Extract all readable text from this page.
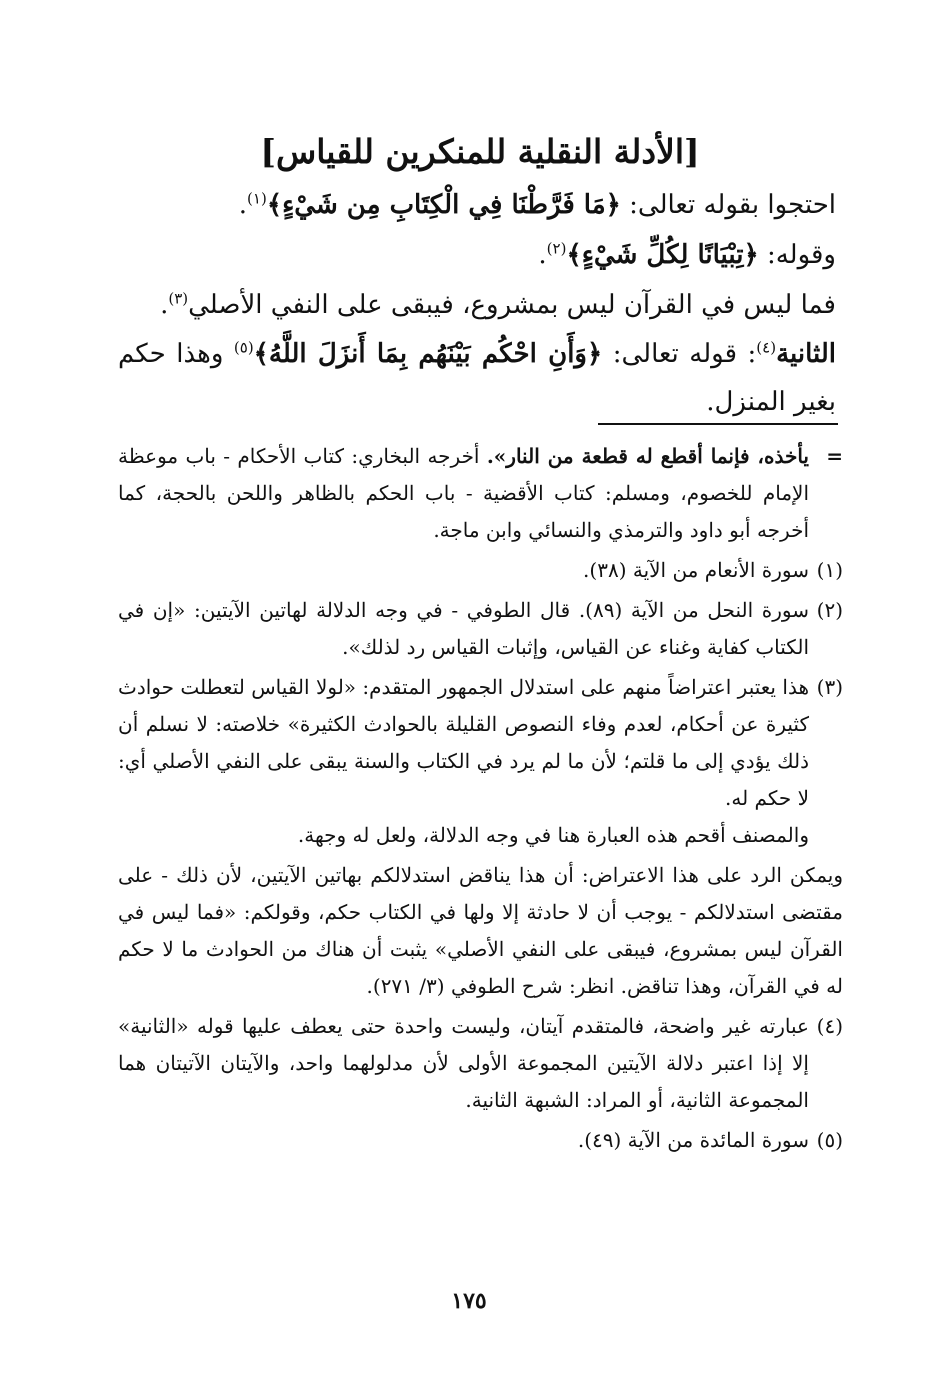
[الأدلة النقلية للمنكرين للقياس]
احتجوا بقوله تعالى: ﴿مَا فَرَّطْنَا فِي الْكِتَابِ مِن شَيْءٍ﴾$^{(١)}$.
وقوله: ﴿تِبْيَانًا لِكُلِّ شَيْءٍ﴾$^{(٢)}$.
فما ليس في القرآن ليس بمشروع، فيبقى على النفي الأصلي$^{(٣)}$.
الثانية$^{(٤)}$: قوله تعالى: ﴿وَأَنِ احْكُم بَيْنَهُم بِمَا أَنزَلَ اللَّهُ﴾$^{(٥)}$ وهذا حكم بغير المنزل.
=
يأخذه، فإنما أقطع له قطعة من النار». أخرجه البخاري: كتاب الأحكام - باب موعظة الإمام للخصوم، ومسلم: كتاب الأقضية - باب الحكم بالظاهر واللحن بالحجة، كما أخرجه أبو داود والترمذي والنسائي وابن ماجة.
(١)
سورة الأنعام من الآية (٣٨).
(٢)
سورة النحل من الآية (٨٩). قال الطوفي - في وجه الدلالة لهاتين الآيتين: «إن في الكتاب كفاية وغناء عن القياس، وإثبات القياس رد لذلك».
(٣)
هذا يعتبر اعتراضاً منهم على استدلال الجمهور المتقدم: «لولا القياس لتعطلت حوادث كثيرة عن أحكام، لعدم وفاء النصوص القليلة بالحوادث الكثيرة» خلاصته: لا نسلم أن ذلك يؤدي إلى ما قلتم؛ لأن ما لم يرد في الكتاب والسنة يبقى على النفي الأصلي أي: لا حكم له.
والمصنف أقحم هذه العبارة هنا في وجه الدلالة، ولعل له وجهة.
ويمكن الرد على هذا الاعتراض: أن هذا يناقض استدلالكم بهاتين الآيتين، لأن ذلك - على مقتضى استدلالكم - يوجب أن لا حادثة إلا ولها في الكتاب حكم، وقولكم: «فما ليس في القرآن ليس بمشروع، فيبقى على النفي الأصلي» يثبت أن هناك من الحوادث ما لا حكم له في القرآن، وهذا تناقض. انظر: شرح الطوفي (٣/ ٢٧١).
(٤)
عبارته غير واضحة، فالمتقدم آيتان، وليست واحدة حتى يعطف عليها قوله «الثانية» إلا إذا اعتبر دلالة الآيتين المجموعة الأولى لأن مدلولهما واحد، والآيتان الآتيتان هما المجموعة الثانية، أو المراد: الشبهة الثانية.
(٥)
سورة المائدة من الآية (٤٩).
١٧٥
